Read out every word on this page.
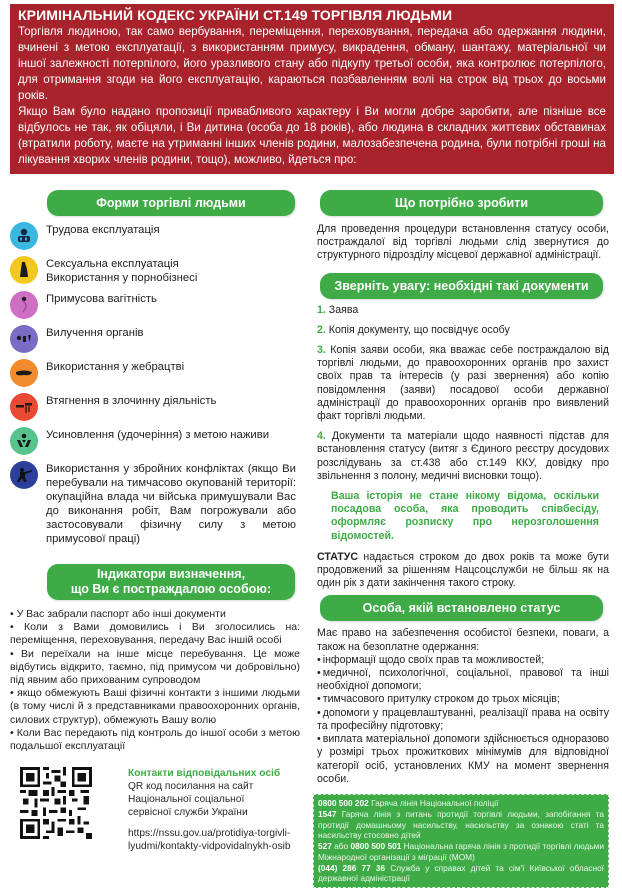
КРИМІНАЛЬНИЙ КОДЕКС УКРАЇНИ СТ.149 ТОРГІВЛЯ ЛЮДЬМИ

Торгівля людиною, так само вербування, переміщення, переховування, передача або одержання людини, вчинені з метою експлуатації, з використанням примусу, викрадення, обману, шантажу, матеріальної чи іншої залежності потерпілого, його уразливого стану або підкупу третьої особи, яка контролює потерпілого, для отримання згоди на його експлуатацію, караються позбавленням волі на строк від трьох до восьми років.

Якщо Вам було надано пропозиції привабливого характеру і Ви могли добре заробити, але пізніше все відбулось не так, як обіцяли, і Ви дитина (особа до 18 років), або людина в складних життєвих обставинах (втратили роботу, маєте на утриманні інших членів родини, малозабезпечена родина, були потрібні гроші на лікування хворих членів родини, тощо), можливо, йдеться про:

Форми торгівлі людьми
Трудова експлуатація
Сексуальна експлуатація
Використання у порнобізнесі
Примусова вагітність
Вилучення органів
Використання у жебрацтві
Втягнення в злочинну діяльність
Усиновлення (удочеріння) з метою наживи
Використання у збройних конфліктах (якщо Ви перебували на тимчасово окупованій території: окупаційна влада чи війська примушували Вас до виконання робіт, Вам погрожували або застосовували фізичну силу з метою примусової праці)
Індикатори визначення,
що Ви є постраждалою особою:
• У Вас забрали паспорт або інші документи
• Коли з Вами домовились і Ви зголосились на: переміщення, переховування, передачу Вас іншій особі
• Ви переїхали на інше місце перебування. Це може відбутись відкрито, таємно, під примусом чи добровільно) під явним або прихованим супроводом
• якщо обмежують Ваші фізичні контакти з іншими людьми (в тому числі й з представниками правоохоронних органів, силових структур), обмежують Вашу волю
• Коли Вас передають під контроль до іншої особи з метою подальшої експлуатації
Контакти відповідальних осіб
QR код посилання на сайт
Національної соціальної
сервісної служби України
https://nssu.gov.ua/protidiya-torgivli-
lyudmi/kontakty-vidpovidalnykh-osib
Що потрібно зробити

Для проведення процедури встановлення статусу особи, постраждалої від торгівлі людьми слід звернутися до структурного підрозділу місцевої державної адміністрації.

Зверніть увагу: необхідні такі документи
1. Заява
2. Копія документу, що посвідчує особу
3. Копія заяви особи, яка вважає себе постраждалою від торгівлі людьми, до правоохоронних органів про захист своїх прав та інтересів (у разі звернення) або копію повідомлення (заяви) посадової особи державної адміністрації до правоохоронних органів про виявлений факт торгівлі людьми.
4. Документи та матеріали щодо наявності підстав для встановлення статусу (витяг з Єдиного реєстру досудових розслідувань за ст.438 або ст.149 ККУ, довідку про звільнення з полону, медичні висновки тощо).

Ваша історія не стане нікому відома, оскільки посадова особа, яка проводить співбесіду, оформляє розписку про нерозголошення відомостей.

СТАТУС надається строком до двох років та може бути продовжений за рішенням Нацсоцслужби не більш як на один рік з дати закінчення такого строку.

Особа, якій встановлено статус

Має право на забезпечення особистої безпеки, поваги, а також на безоплатне одержання:

• інформації щодо своїх прав та можливостей;
• медичної, психологічної, соціальної, правової та інші необхідної допомоги;
• тимчасового притулку строком до трьох місяців;
• допомоги у працевлаштуванні, реалізації права на освіту та професійну підготовку;
• виплата матеріальної допомоги здійснюється одноразово у розмірі трьох прожиткових мінімумів для відповідної категорії осіб, установлених КМУ на момент звернення особи.
0800 500 202 Гаряча лінія Національної поліції
1547 Гаряча лінія з питань протидії торгівлі людьми, запобігання та протидії домашньому насильству, насильству за ознакою статі та насильству стосовно дітей
527 або 0800 500 501 Національна гаряча лінія з протидії торгівлі людьми Міжнародної організації з міграції (МОМ)
(044) 286 77 36 Служба у справах дітей та сім'ї Київської обласної державної адміністрації
